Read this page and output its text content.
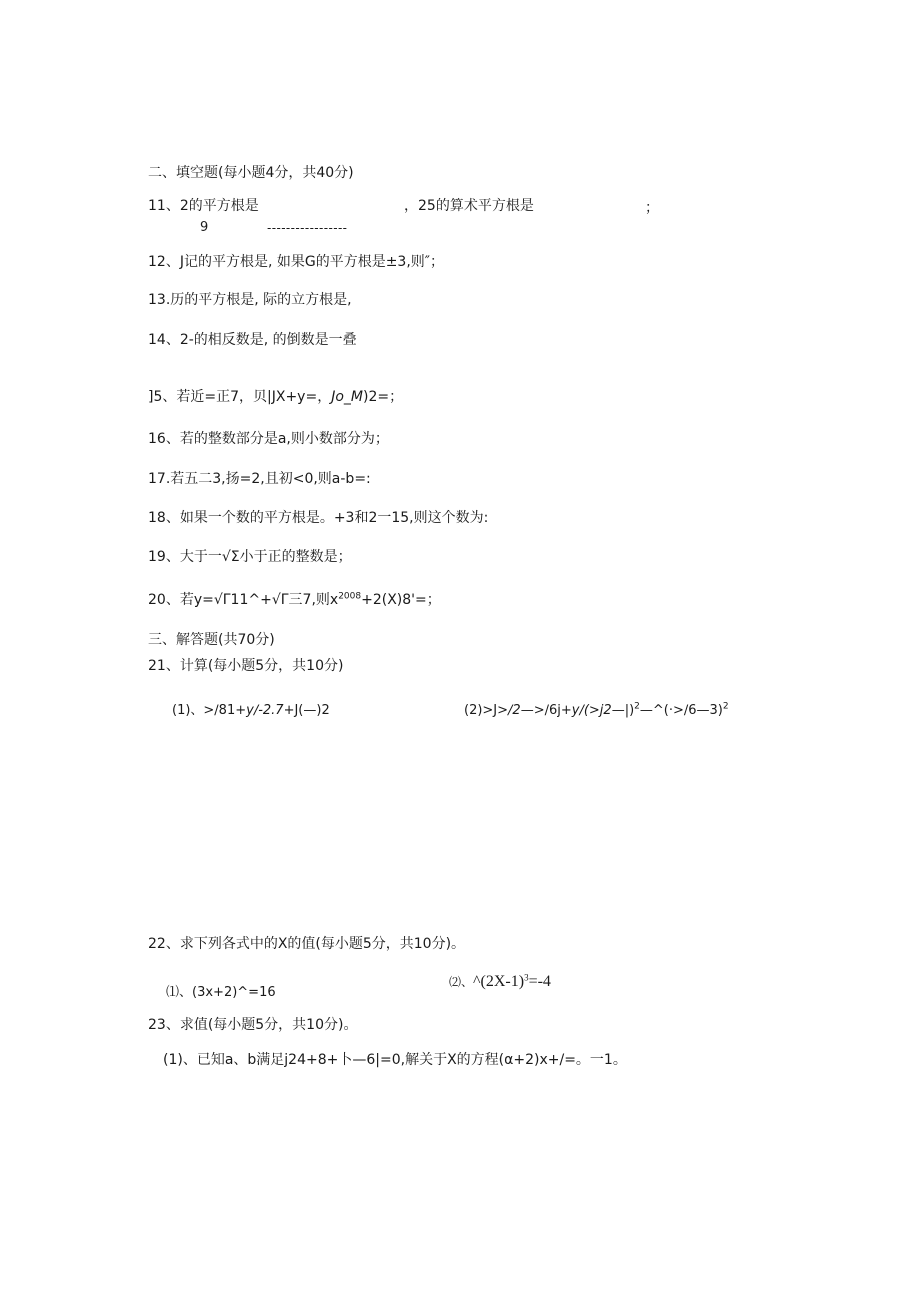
二、填空题(每小题4分，共40分)
11、2的平方根是	，25的算术平方根是	；
9	-----------------
12、J记的平方根是, 如果G的平方根是±3,则″；
13.历的平方根是, 际的立方根是,
14、2-的相反数是, 的倒数是一叠
]5、若近=正7，贝|JX+y=，Jo_M)2=；
16、若的整数部分是a,则小数部分为；
17.若五二3,扬=2,且初<0,则a-b=:
18、如果一个数的平方根是。+3和2一15,则这个数为:
19、大于一√Σ小于正的整数是；
20、若y=√Γ11^+√Γ三7,则$x^{2008}+2(X)8'=$；
三、解答题(共70分)
21、计算(每小题5分，共10分)
(1)、>∕81+y∕-2.7+J(—)2	(2)>J>∕2—>∕6j+y∕(>j2—|)$^2$—^(·>∕6—3)$^2$
22、求下列各式中的X的值(每小题5分，共10分)。
⑴、(3x+2)^=16
⑵、$\^{}(2X-1)^3=-4$
23、求值(每小题5分，共10分)。
(1)、已知a、b满足j24+8+卜—6|=0,解关于X的方程(α+2)x+/=。一1。
